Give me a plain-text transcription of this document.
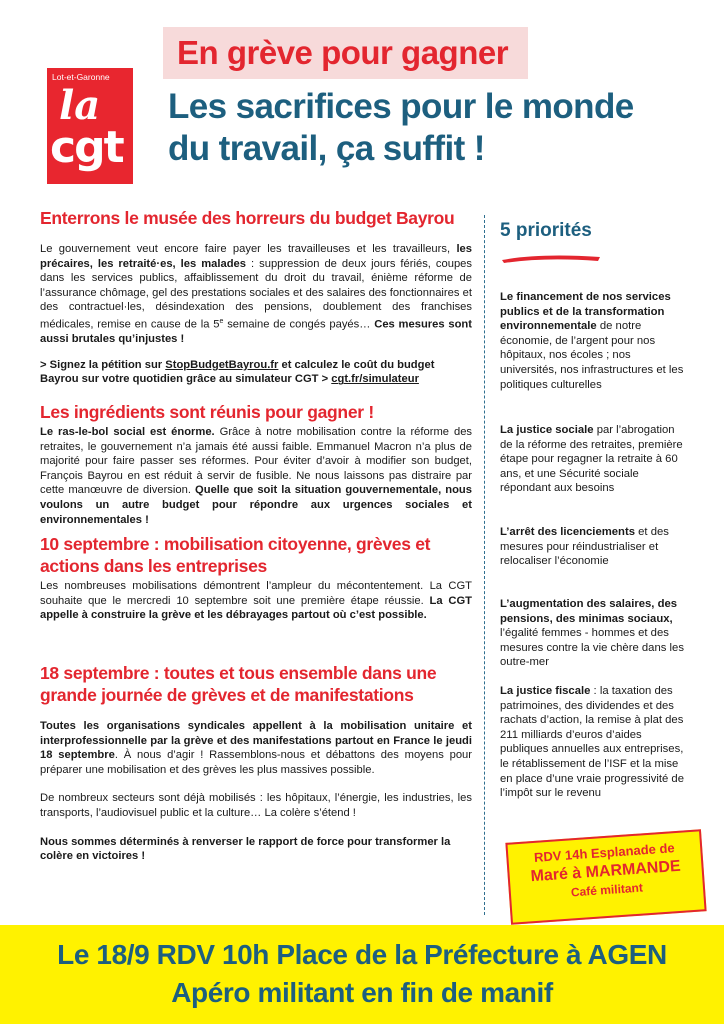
En grève pour gagner
Lot-et-Garonne
la
cgt
Les sacrifices pour le monde
du travail, ça suffit !
Enterrons le musée des horreurs du budget Bayrou

Le gouvernement veut encore faire payer les travailleuses et les travailleurs, les précaires, les retraité·es, les malades : suppression de deux jours fériés, coupes dans les services publics, affaiblissement du droit du travail, énième réforme de l’assurance chômage, gel des prestations sociales et des salaires des fonctionnaires et des contractuel·les, désindexation des pensions, doublement des franchises médicales, remise en cause de la 5e semaine de congés payés… Ces mesures sont aussi brutales qu’injustes !

> Signez la pétition sur StopBudgetBayrou.fr et calculez le coût du budget Bayrou sur votre quotidien grâce au simulateur CGT > cgt.fr/simulateur

Les ingrédients sont réunis pour gagner !

Le ras-le-bol social est énorme. Grâce à notre mobilisation contre la réforme des retraites, le gouvernement n’a jamais été aussi faible. Emmanuel Macron n’a plus de majorité pour faire passer ses réformes. Pour éviter d’avoir à modifier son budget, François Bayrou en est réduit à servir de fusible. Ne nous laissons pas distraire par cette manœuvre de diversion. Quelle que soit la situation gouvernementale, nous voulons un autre budget pour répondre aux urgences sociales et environnementales !

10 septembre : mobilisation citoyenne, grèves et actions dans les entreprises

Les nombreuses mobilisations démontrent l’ampleur du mécontentement. La CGT souhaite que le mercredi 10 septembre soit une première étape réussie. La CGT appelle à construire la grève et les débrayages partout où c’est possible.

18 septembre : toutes et tous ensemble dans une grande journée de grèves et de manifestations

Toutes les organisations syndicales appellent à la mobilisation unitaire et interprofessionnelle par la grève et des manifestations partout en France le jeudi 18 septembre. À nous d’agir ! Rassemblons-nous et débattons des moyens pour préparer une mobilisation et des grèves les plus massives possible.

De nombreux secteurs sont déjà mobilisés : les hôpitaux, l’énergie, les industries, les transports, l’audiovisuel public et la culture… La colère s’étend !

Nous sommes déterminés à renverser le rapport de force pour transformer la colère en victoires !

5 priorités

Le financement de nos services publics et de la transformation environnementale de notre économie, de l’argent pour nos hôpitaux, nos écoles ; nos universités, nos infrastructures et les politiques culturelles

La justice sociale par l’abrogation de la réforme des retraites, première étape pour regagner la retraite à 60 ans, et une Sécurité sociale répondant aux besoins

L’arrêt des licenciements et des mesures pour réindustrialiser et relocaliser l’économie

L’augmentation des salaires, des pensions, des minimas sociaux, l’égalité femmes - hommes et des mesures contre la vie chère dans les outre-mer

La justice fiscale : la taxation des patrimoines, des dividendes et des rachats d’action, la remise à plat des 211 milliards d’euros d’aides publiques annuelles aux entreprises, le rétablissement de l’ISF et la mise en place d’une vraie progressivité de l’impôt sur le revenu

RDV 14h Esplanade de
Maré à MARMANDE
Café militant
Le 18/9 RDV 10h Place de la Préfecture à AGEN
Apéro militant en fin de manif
